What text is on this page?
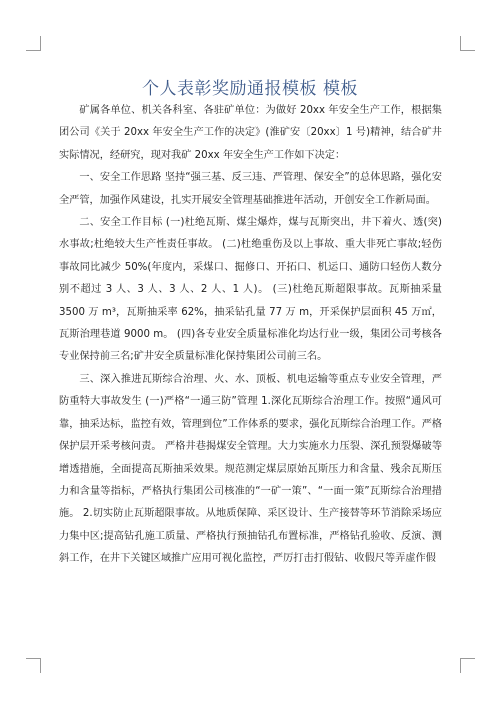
个人表彰奖励通报模板 模板

矿属各单位、机关各科室、各驻矿单位：为做好 20xx 年安全生产工作，根据集团公司《关于 20xx 年安全生产工作的决定》(淮矿安〔20xx〕1 号)精神，结合矿井实际情况，经研究，现对我矿 20xx 年安全生产工作如下决定：

一、安全工作思路 坚持“强三基、反三违、严管理、保安全”的总体思路，强化安全严管，加强作风建设，扎实开展安全管理基础推进年活动，开创安全工作新局面。

二、安全工作目标 (一)杜绝瓦斯、煤尘爆炸，煤与瓦斯突出，井下着火、透(突)水事故;杜绝较大生产性责任事故。 (二)杜绝重伤及以上事故、重大非死亡事故;轻伤事故同比减少 50%(年度内，采煤口、掘修口、开拓口、机运口、通防口轻伤人数分别不超过 3 人、3 人、3 人、2 人、1 人)。 (三)杜绝瓦斯超限事故。瓦斯抽采量 3500 万 m³，瓦斯抽采率 62%，抽采钻孔量 77 万 m，开采保护层面积 45 万㎡，瓦斯治理巷道 9000 m。 (四)各专业安全质量标准化均达行业一级，集团公司考核各专业保持前三名;矿井安全质量标准化保持集团公司前三名。

三、深入推进瓦斯综合治理、火、水、顶板、机电运输等重点专业安全管理，严防重特大事故发生 (一)严格“一通三防”管理 1.深化瓦斯综合治理工作。按照“通风可靠，抽采达标，监控有效，管理到位”工作体系的要求，强化瓦斯综合治理工作。严格保护层开采考核问责。 严格井巷揭煤安全管理。大力实施水力压裂、深孔预裂爆破等增透措施，全面提高瓦斯抽采效果。规范测定煤层原始瓦斯压力和含量、残余瓦斯压力和含量等指标，严格执行集团公司核准的“一矿一策”、“一面一策”瓦斯综合治理措施。 2.切实防止瓦斯超限事故。从地质保障、采区设计、生产接替等环节消除采场应力集中区;提高钻孔施工质量、严格执行预抽钻孔布置标准，严格钻孔验收、反演、测斜工作，在井下关键区域推广应用可视化监控，严厉打击打假钻、收假尺等弄虚作假
